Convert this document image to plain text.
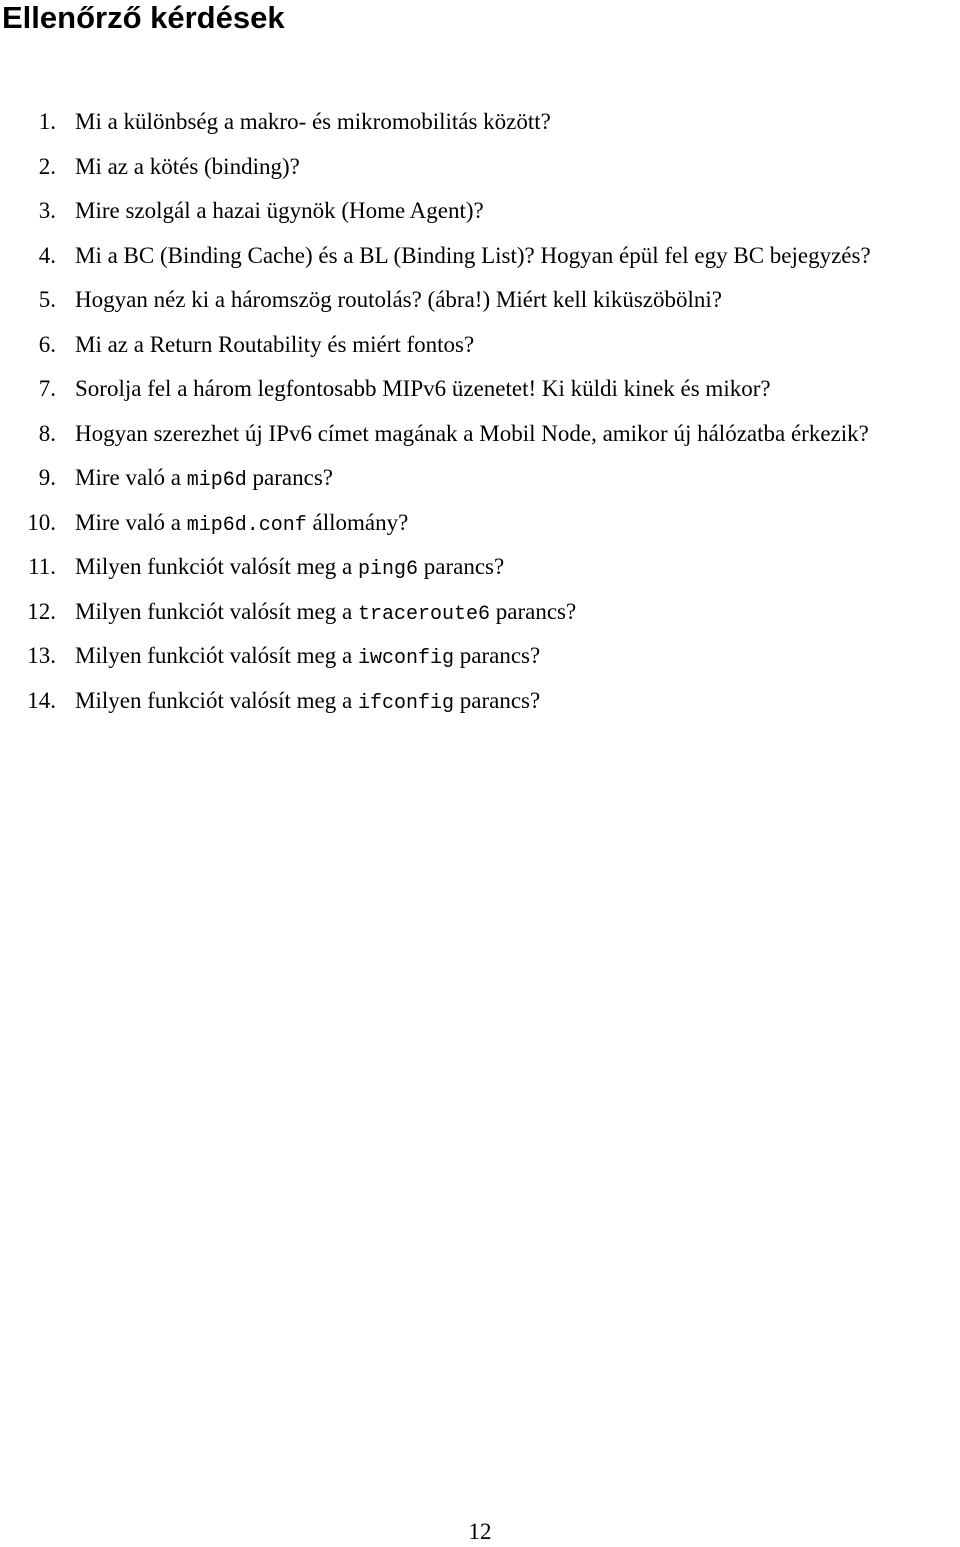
Ellenőrző kérdések
1. Mi a különbség a makro- és mikromobilitás között?
2. Mi az a kötés (binding)?
3. Mire szolgál a hazai ügynök (Home Agent)?
4. Mi a BC (Binding Cache) és a BL (Binding List)? Hogyan épül fel egy BC bejegyzés?
5. Hogyan néz ki a háromszög routolás? (ábra!) Miért kell kiküszöbölni?
6. Mi az a Return Routability és miért fontos?
7. Sorolja fel a három legfontosabb MIPv6 üzenetet! Ki küldi kinek és mikor?
8. Hogyan szerezhet új IPv6 címet magának a Mobil Node, amikor új hálózatba érkezik?
9. Mire való a mip6d parancs?
10. Mire való a mip6d.conf állomány?
11. Milyen funkciót valósít meg a ping6 parancs?
12. Milyen funkciót valósít meg a traceroute6 parancs?
13. Milyen funkciót valósít meg a iwconfig parancs?
14. Milyen funkciót valósít meg a ifconfig parancs?
12
